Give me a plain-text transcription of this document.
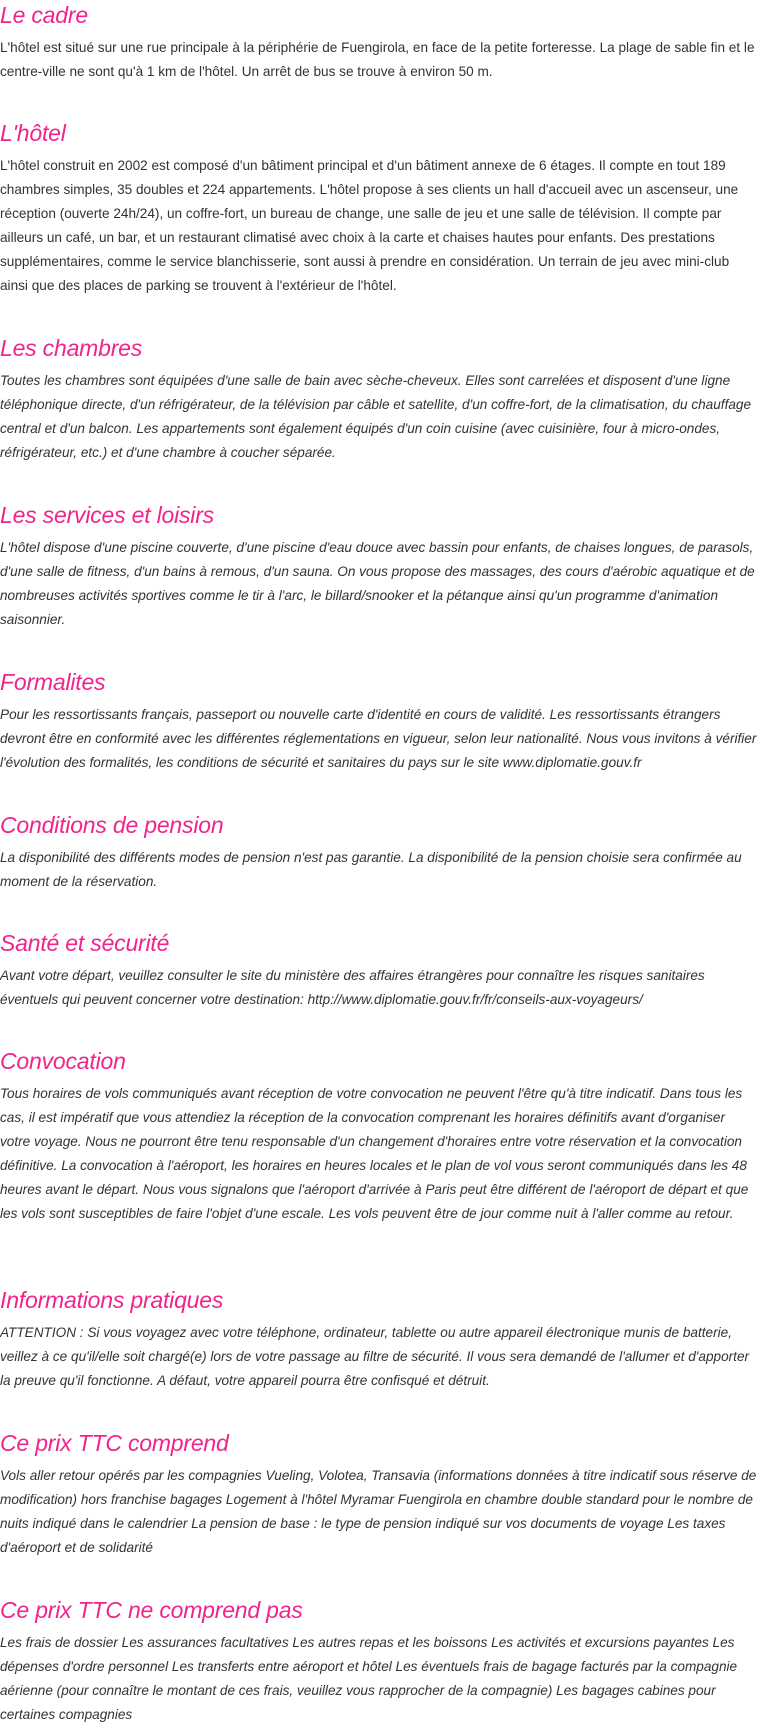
Le cadre

L'hôtel est situé sur une rue principale à la périphérie de Fuengirola, en face de la petite forteresse. La plage de sable fin et le centre-ville ne sont qu'à 1 km de l'hôtel. Un arrêt de bus se trouve à environ 50 m.

L'hôtel

L'hôtel construit en 2002 est composé d'un bâtiment principal et d'un bâtiment annexe de 6 étages. Il compte en tout 189 chambres simples, 35 doubles et 224 appartements. L'hôtel propose à ses clients un hall d'accueil avec un ascenseur, une réception (ouverte 24h/24), un coffre-fort, un bureau de change, une salle de jeu et une salle de télévision. Il compte par ailleurs un café, un bar, et un restaurant climatisé avec choix à la carte et chaises hautes pour enfants. Des prestations supplémentaires, comme le service blanchisserie, sont aussi à prendre en considération. Un terrain de jeu avec mini-club ainsi que des places de parking se trouvent à l'extérieur de l'hôtel.

Les chambres

Toutes les chambres sont équipées d'une salle de bain avec sèche-cheveux. Elles sont carrelées et disposent d'une ligne téléphonique directe, d'un réfrigérateur, de la télévision par câble et satellite, d'un coffre-fort, de la climatisation, du chauffage central et d'un balcon. Les appartements sont également équipés d'un coin cuisine (avec cuisinière, four à micro-ondes, réfrigérateur, etc.) et d'une chambre à coucher séparée.

Les services et loisirs

L'hôtel dispose d'une piscine couverte, d'une piscine d'eau douce avec bassin pour enfants, de chaises longues, de parasols, d'une salle de fitness, d'un bains à remous, d'un sauna. On vous propose des massages, des cours d'aérobic aquatique et de nombreuses activités sportives comme le tir à l'arc, le billard/snooker et la pétanque ainsi qu'un programme d'animation saisonnier.

Formalites

Pour les ressortissants français, passeport ou nouvelle carte d'identité en cours de validité. Les ressortissants étrangers devront être en conformité avec les différentes réglementations en vigueur, selon leur nationalité. Nous vous invitons à vérifier l'évolution des formalités, les conditions de sécurité et sanitaires du pays sur le site www.diplomatie.gouv.fr

Conditions de pension

La disponibilité des différents modes de pension n'est pas garantie. La disponibilité de la pension choisie sera confirmée au moment de la réservation.

Santé et sécurité

Avant votre départ, veuillez consulter le site du ministère des affaires étrangères pour connaître les risques sanitaires éventuels qui peuvent concerner votre destination: http://www.diplomatie.gouv.fr/fr/conseils-aux-voyageurs/

Convocation

Tous horaires de vols communiqués avant réception de votre convocation ne peuvent l'être qu'à titre indicatif. Dans tous les cas, il est impératif que vous attendiez la réception de la convocation comprenant les horaires définitifs avant d'organiser votre voyage. Nous ne pourront être tenu responsable d'un changement d'horaires entre votre réservation et la convocation définitive. La convocation à l'aéroport, les horaires en heures locales et le plan de vol vous seront communiqués dans les 48 heures avant le départ. Nous vous signalons que l'aéroport d'arrivée à Paris peut être différent de l'aéroport de départ et que les vols sont susceptibles de faire l'objet d'une escale. Les vols peuvent être de jour comme nuit à l'aller comme au retour.

Informations pratiques

ATTENTION : Si vous voyagez avec votre téléphone, ordinateur, tablette ou autre appareil électronique munis de batterie, veillez à ce qu'il/elle soit chargé(e) lors de votre passage au filtre de sécurité. Il vous sera demandé de l'allumer et d'apporter la preuve qu'il fonctionne. A défaut, votre appareil pourra être confisqué et détruit.

Ce prix TTC comprend

Vols aller retour opérés par les compagnies Vueling, Volotea, Transavia (informations données à titre indicatif sous réserve de modification) hors franchise bagages Logement à l'hôtel Myramar Fuengirola en chambre double standard pour le nombre de nuits indiqué dans le calendrier La pension de base : le type de pension indiqué sur vos documents de voyage Les taxes d'aéroport et de solidarité

Ce prix TTC ne comprend pas

Les frais de dossier Les assurances facultatives Les autres repas et les boissons Les activités et excursions payantes Les dépenses d'ordre personnel Les transferts entre aéroport et hôtel Les éventuels frais de bagage facturés par la compagnie aérienne (pour connaître le montant de ces frais, veuillez vous rapprocher de la compagnie) Les bagages cabines pour certaines compagnies
